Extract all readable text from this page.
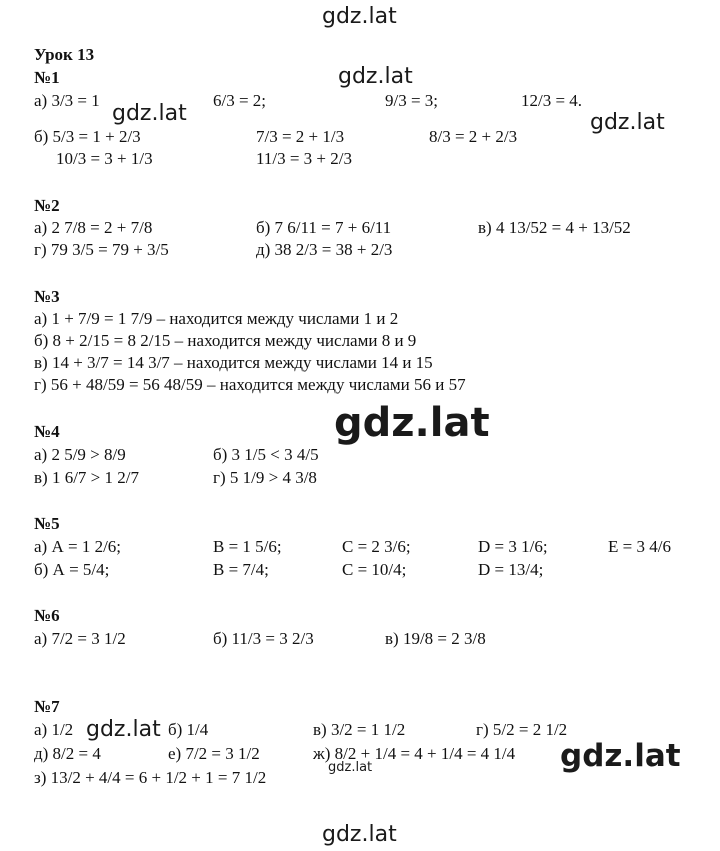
gdz.lat
gdz.lat
gdz.lat	gdz.lat
gdz.lat
gdz.lat
gdz.lat
gdz.lat
gdz.lat
Урок 13
№1
а) 3/3 = 1	6/3 = 2;	9/3 = 3;	12/3 = 4.
б) 5/3 = 1 + 2/3	7/3 = 2 + 1/3	8/3 = 2 + 2/3
10/3 = 3 + 1/3	11/3 = 3 + 2/3
№2
а) 2 7/8 = 2 + 7/8	б) 7 6/11 = 7 + 6/11	в) 4 13/52 = 4 + 13/52
г) 79 3/5 = 79 + 3/5	д) 38 2/3 = 38 + 2/3
№3
а) 1 + 7/9 = 1 7/9 – находится между числами 1 и 2
б) 8 + 2/15 = 8 2/15 – находится между числами 8 и 9
в) 14 + 3/7 = 14 3/7 – находится между числами 14 и 15
г) 56 + 48/59 = 56 48/59 – находится между числами 56 и 57
№4
а) 2 5/9 > 8/9	б) 3 1/5 < 3 4/5
в) 1 6/7 > 1 2/7	г) 5 1/9 > 4 3/8
№5
а) А = 1 2/6;	В = 1 5/6;	С = 2 3/6;	D = 3 1/6;	Е = 3 4/6
б) А = 5/4;	В = 7/4;	С = 10/4;	D = 13/4;
№6
а) 7/2 = 3 1/2	б) 11/3 = 3 2/3	в) 19/8 = 2 3/8
№7
а) 1/2	б) 1/4	в) 3/2 = 1 1/2	г) 5/2 = 2 1/2
д) 8/2 = 4	е) 7/2 = 3 1/2	ж) 8/2 + 1/4 = 4 + 1/4 = 4 1/4
з) 13/2 + 4/4 = 6 + 1/2 + 1 = 7 1/2
